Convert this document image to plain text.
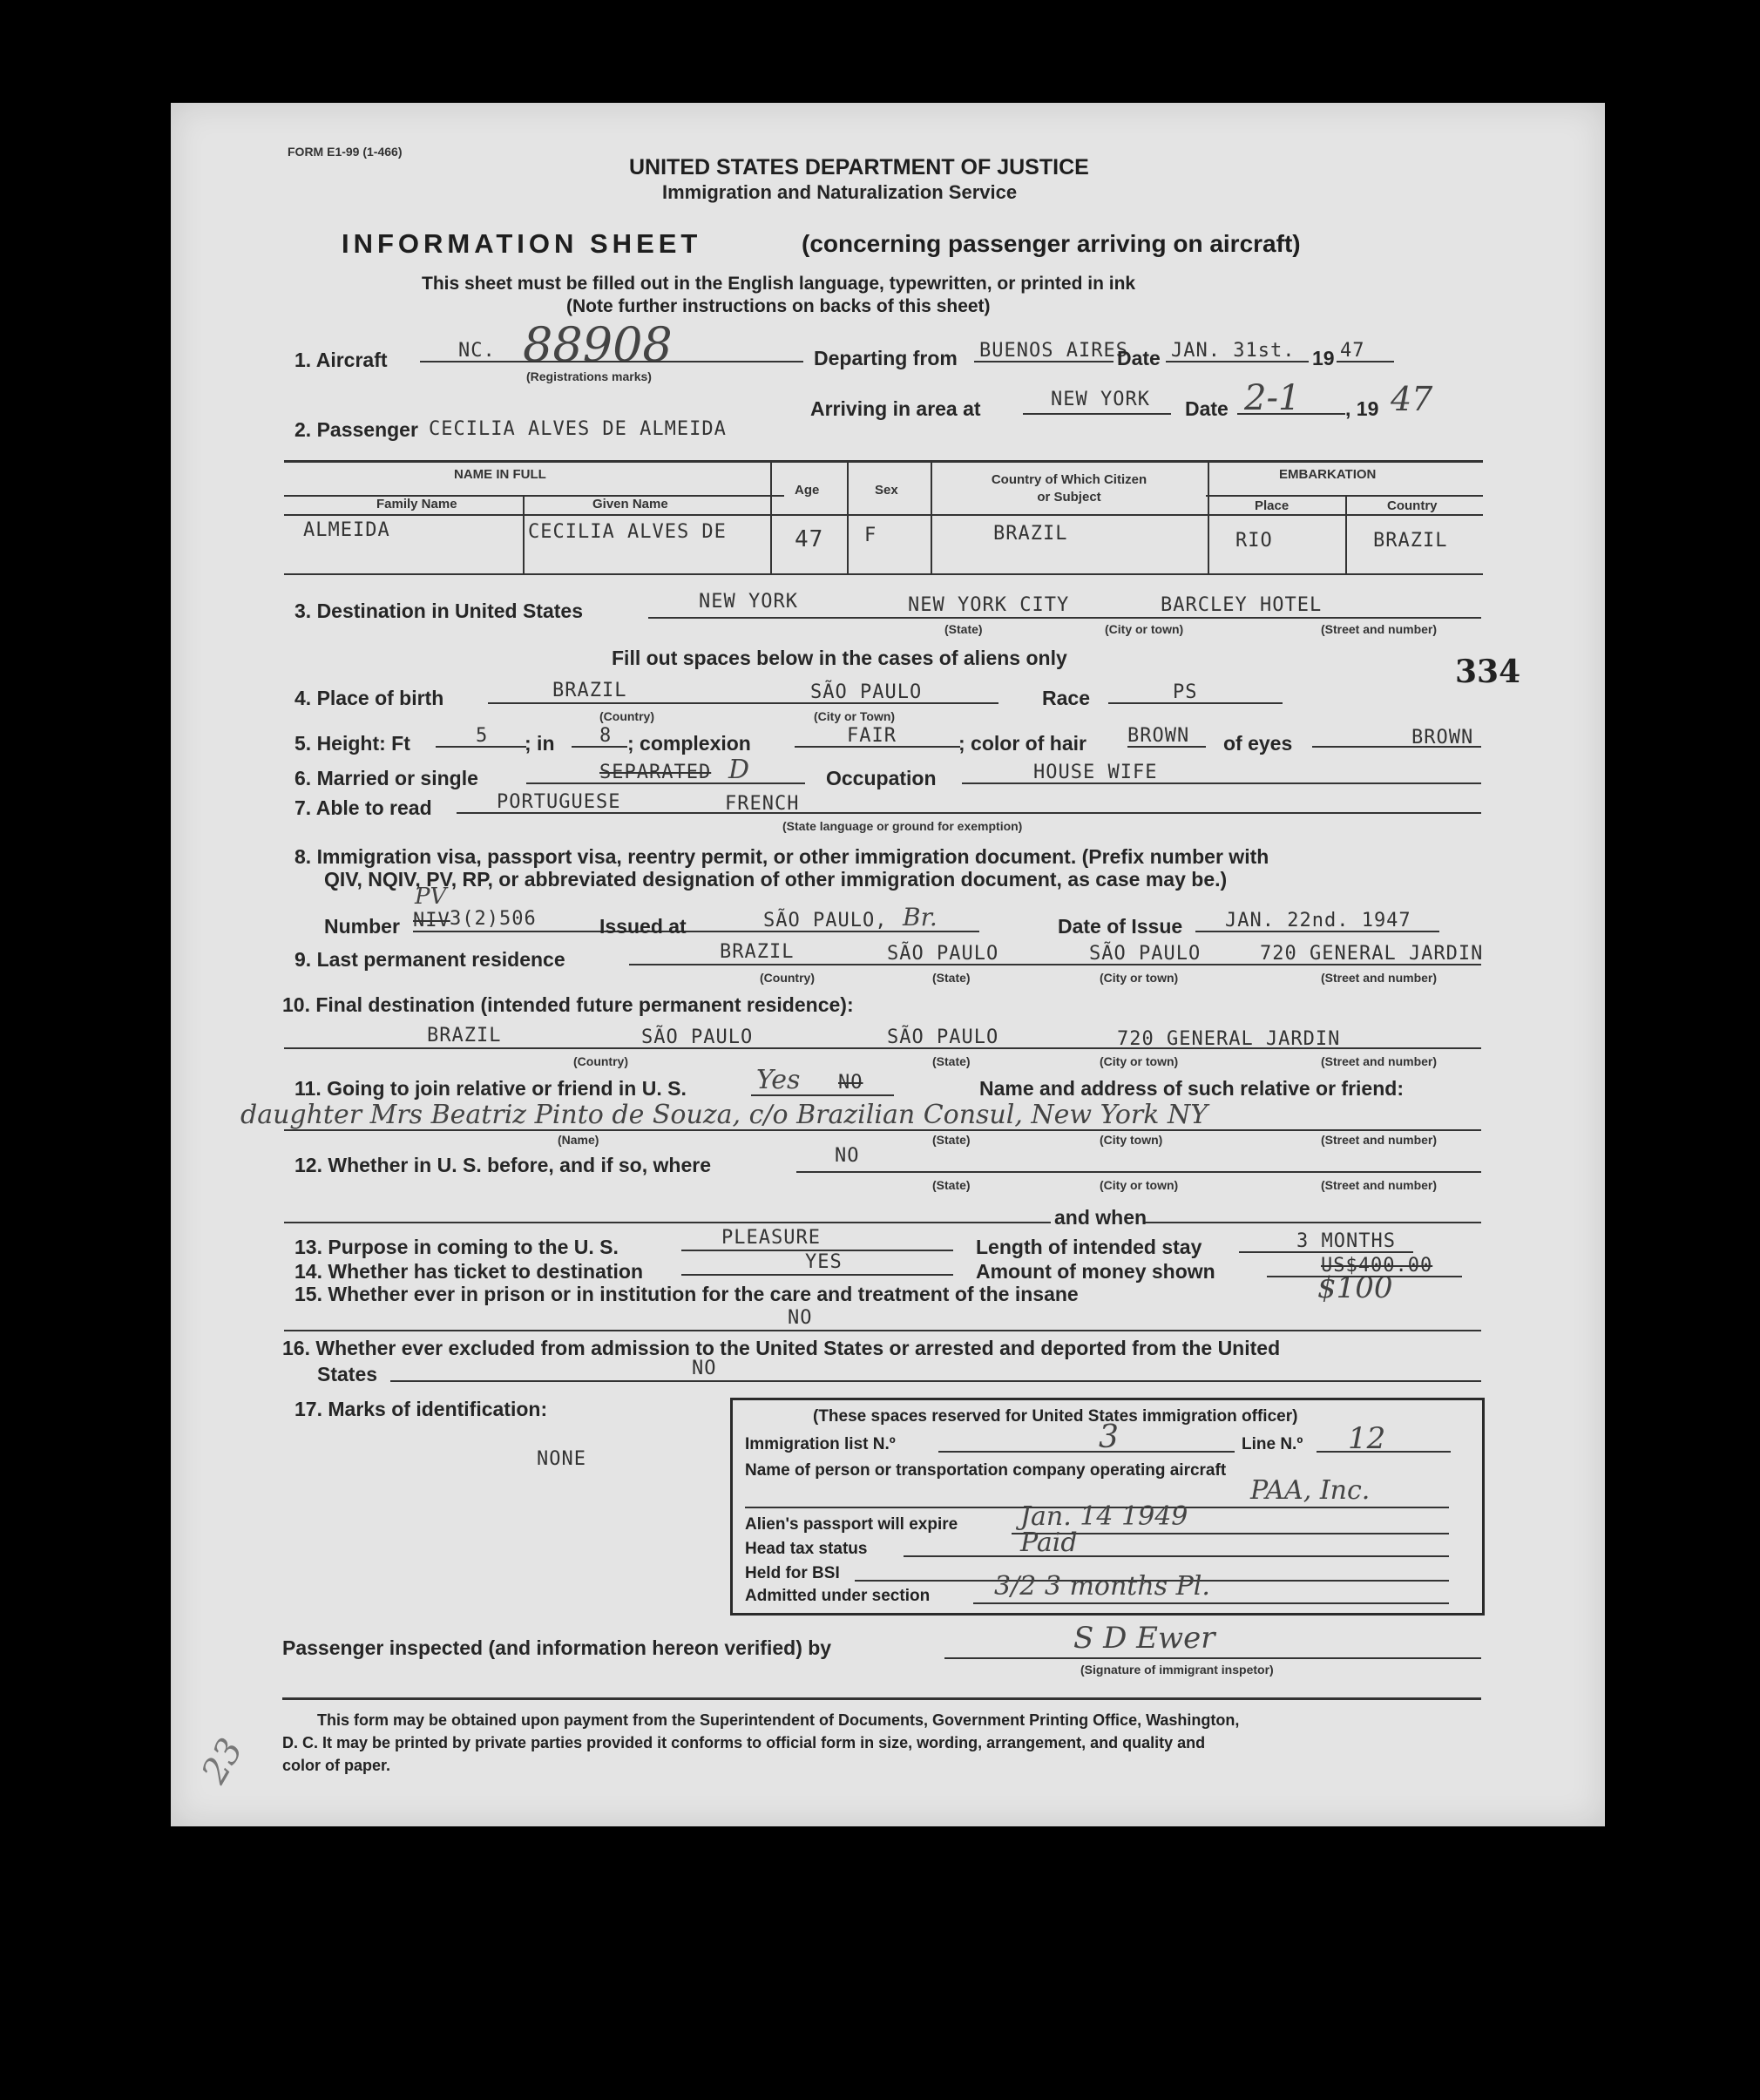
FORM E1-99 (1-466)
UNITED STATES DEPARTMENT OF JUSTICE
Immigration and Naturalization Service
INFORMATION SHEET	(concerning passenger arriving on aircraft)
This sheet must be filled out in the English language, typewritten, or printed in ink
(Note further instructions on backs of this sheet)
1. Aircraft	NC. 88908
(Registrations marks)
Departing from BUENOS AIRES
Date JAN. 31st. 19 47
Arriving in area at	NEW YORK Date 2-1 , 19 47
2. Passenger CECILIA ALVES DE ALMEIDA
NAME IN FULL
Family Name	Given Name
Age	Sex
Country of Which Citizen
or Subject
EMBARKATION
Place	Country
ALMEIDA	CECILIA ALVES DE	47 F	BRAZIL	RIO	BRAZIL
3. Destination in United States	NEW YORK	NEW YORK CITY	BARCLEY HOTEL
(State)	(City or town)	(Street and number)
Fill out spaces below in the cases of aliens only	334
4. Place of birth	BRAZIL	SÃO PAULO
(Country)	(City or Town)
Race	PS
5. Height: Ft	5 ; in 8 ; complexion	FAIR	; color of hair BROWN of eyes	BROWN
6. Married or single	SEPARATED D	Occupation	HOUSE WIFE
7. Able to read	PORTUGUESE	FRENCH
(State language or ground for exemption)
8. Immigration visa, passport visa, reentry permit, or other immigration document. (Prefix number with
QIV, NQIV, PV, RP, or abbreviated designation of other immigration document, as case may be.)
Number NIV
PV
3(2)506	Issued at	SÃO PAULO, Br.	Date of Issue JAN. 22nd. 1947
9. Last permanent residence	BRAZIL	SÃO PAULO	SÃO PAULO	720 GENERAL JARDIN
(Country)	(State)	(City or town)	(Street and number)
10. Final destination (intended future permanent residence):
BRAZIL	SÃO PAULO	SÃO PAULO	720 GENERAL JARDIN
(Country)	(State)	(City or town)	(Street and number)
11. Going to join relative or friend in U. S.	Yes NO	Name and address of such relative or friend:
daughter Mrs Beatriz Pinto de Souza, c/o Brazilian Consul, New York NY
(Name)	(State)	(City town)	(Street and number)
12. Whether in U. S. before, and if so, where	NO
(State)	(City or town)	(Street and number)
and when
13. Purpose in coming to the U. S.	PLEASURE	Length of intended stay	3 MONTHS
14. Whether has ticket to destination	YES	Amount of money shown	US$400.00
$100
15. Whether ever in prison or in institution for the care and treatment of the insane
NO
16. Whether ever excluded from admission to the United States or arrested and deported from the United
States	NO
17. Marks of identification:
NONE
(These spaces reserved for United States immigration officer)
Immigration list N.º	3	Line N.º 12
Name of person or transportation company operating aircraft
PAA, Inc.
Alien's passport will expire Jan. 14 1949
Head tax status	Paid
Held for BSI
Admitted under section 3/2 3 months Pl.
Passenger inspected (and information hereon verified) by	S D Ewer
(Signature of immigrant inspetor)
This form may be obtained upon payment from the Superintendent of Documents, Government Printing Office, Washington,
D. C. It may be printed by private parties provided it conforms to official form in size, wording, arrangement, and quality and
color of paper.
23
